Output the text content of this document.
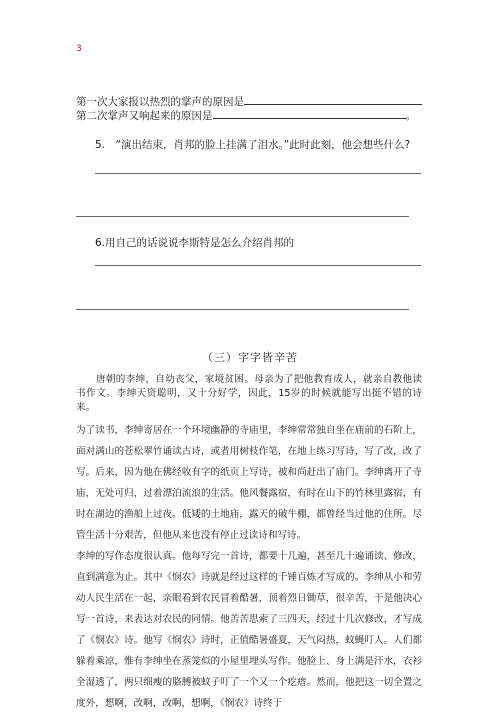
3
第一次大家报以热烈的掌声的原因是
第二次掌声又响起来的原因是	。
5.　“演出结束，肖邦的脸上挂满了泪水。”此时此刻，他会想些什么?
6.用自己的话说说李斯特是怎么介绍肖邦的
（三）字字皆辛苦

唐朝的李绅，自幼丧父，家境贫困。母亲为了把他教育成人，就亲自教他读书作文。李绅天资聪明，又十分好学，因此，15岁的时候就能写出挺不错的诗来。

为了读书，李绅寄居在一个环境幽静的寺庙里，李绅常常独自坐在庙前的石阶上，面对满山的苍松翠竹诵读古诗，或者用树枝作笔，在地上练习写诗，写了改，改了写。后来，因为他在佛经收有字的纸页上写诗，被和尚赶出了庙门。李绅离开了寺庙，无处可归，过着漂泊流浪的生活。他风餐露宿，有时在山下的竹林里露宿，有时在湖边的渔船上过夜。低矮的土地庙，露天的破牛棚，都曾经当过他的住所。尽管生活十分艰苦，但他从来也没有停止过读诗和写诗。

李绅的写作态度很认真。他每写完一首诗，都要十几遍，甚至几十遍诵读、修改，直到满意为止。其中《悯农》诗就是经过这样的千锤百炼才写成的。李绅从小和劳动人民生活在一起，亲眼看到农民冒着酷暑，顶着烈日锄草，很辛苦，于是他决心写一首诗，来表达对农民的同情。他苦苦思索了三四天，经过十几次修改，才写成了《悯农》诗。他写《悯农》诗时，正值酷暑盛夏，天气闷热，蚊蝇叮人。人们都躲着乘凉，惟有李绅坐在蒸笼似的小屋里埋头写作。他脸上、身上满是汗水，衣衫全湿透了，两只细瘦的胳膊被蚊子叮了一个又一个疙瘩。然而，他把这一切全置之度外，想啊，改啊，改啊，想啊，《悯农》诗终于
